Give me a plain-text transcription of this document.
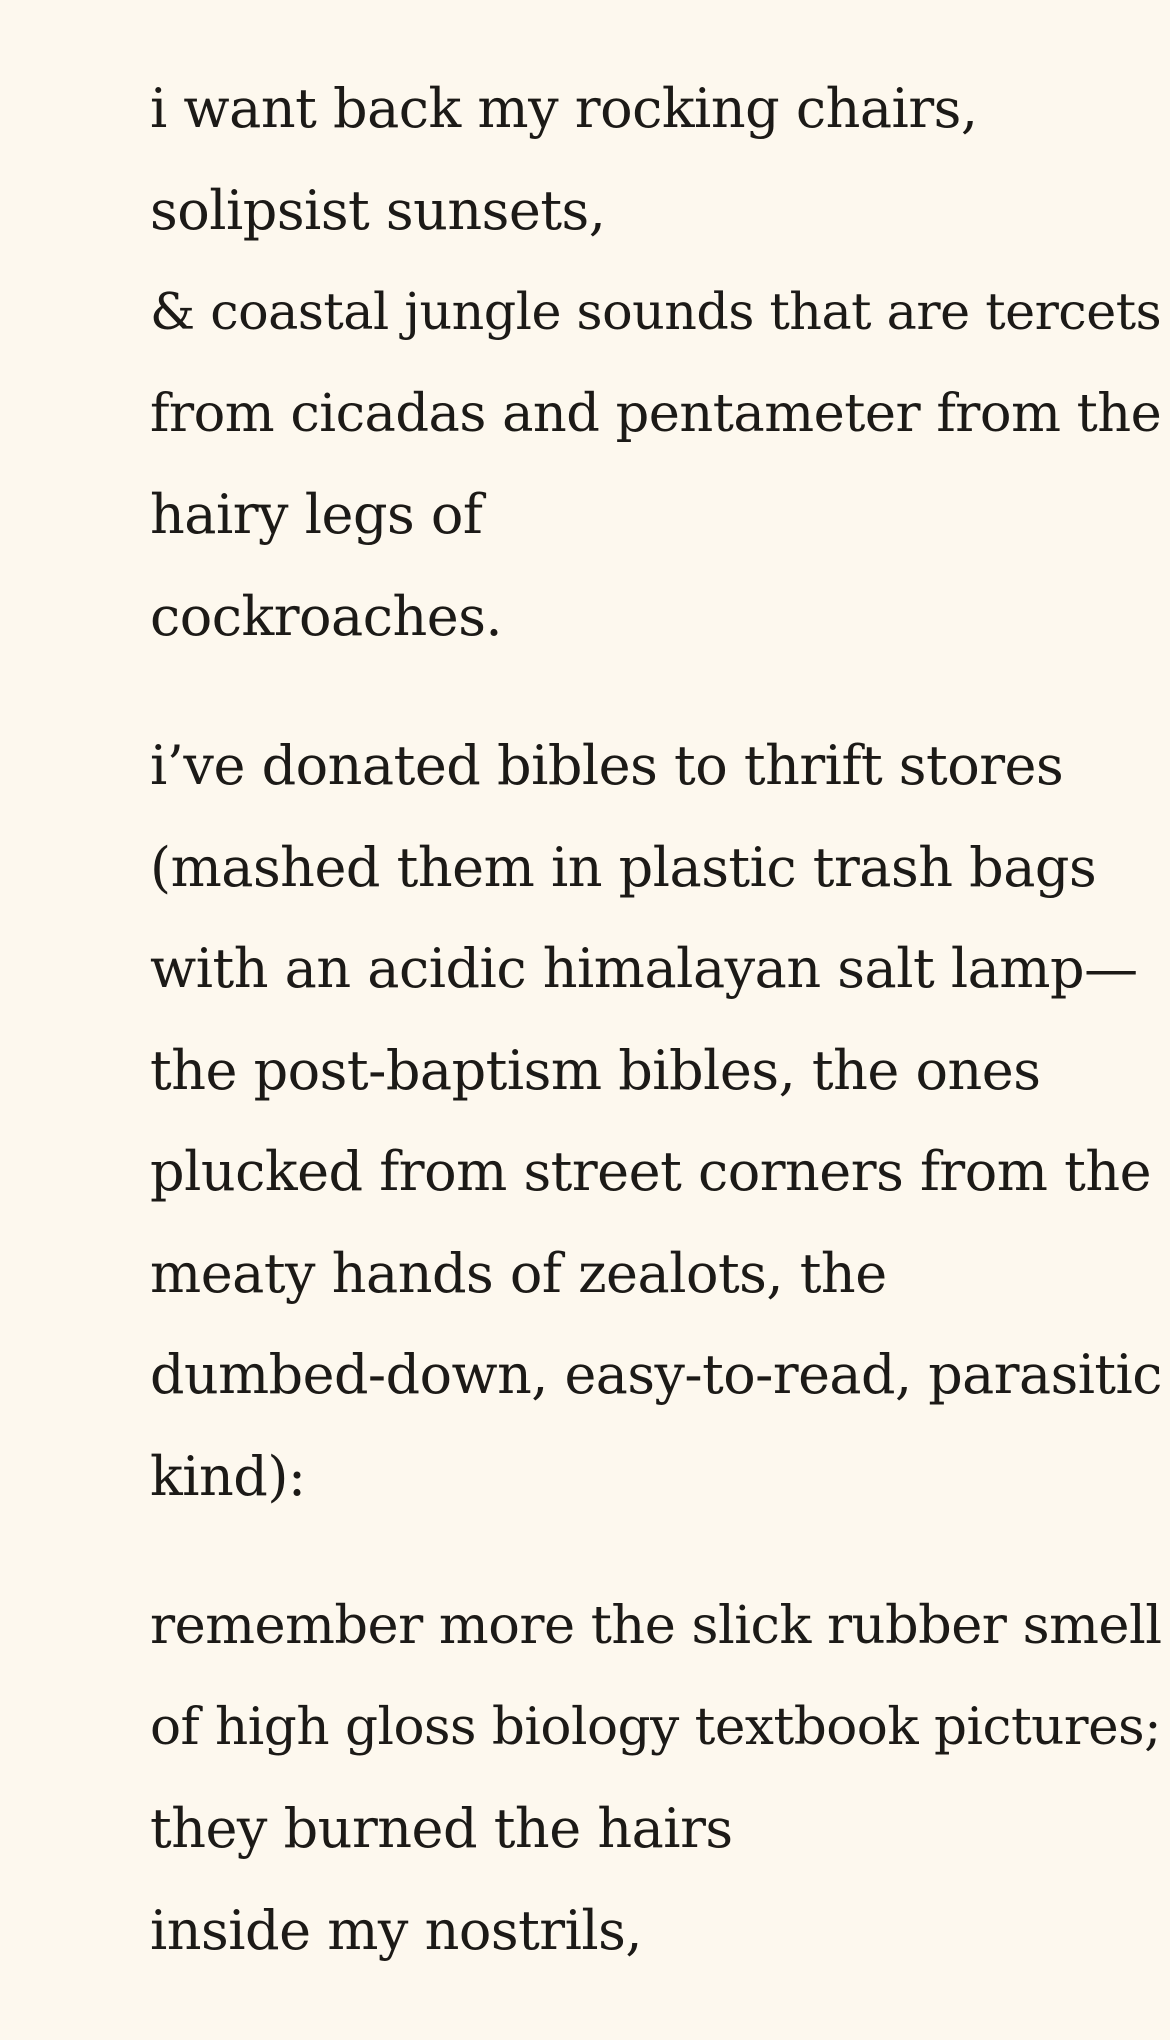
i want back my rocking chairs,
solipsist sunsets,
& coastal jungle sounds that are tercets
from cicadas and pentameter from the
hairy legs of
cockroaches.
i’ve donated bibles to thrift stores
(mashed them in plastic trash bags
with an acidic himalayan salt lamp—
the post-baptism bibles, the ones
plucked from street corners from the
meaty hands of zealots, the
dumbed-down, easy-to-read, parasitic
kind):
remember more the slick rubber smell
of high gloss biology textbook pictures;
they burned the hairs
inside my nostrils,
